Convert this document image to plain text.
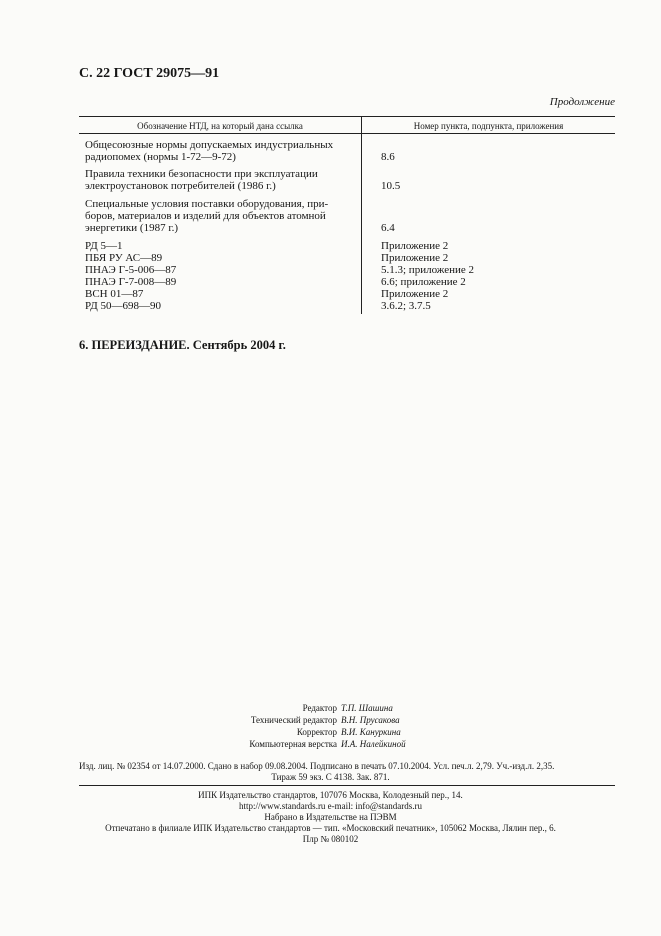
С. 22 ГОСТ 29075—91
Продолжение
Обозначение НТД, на который дана ссылка	Номер пункта, подпункта, приложения
Общесоюзные нормы допускаемых индустриальных
радиопомех (нормы 1-72—9-72)	8.6
Правила техники безопасности при эксплуатации
электроустановок потребителей (1986 г.)	10.5
Специальные условия поставки оборудования, при-
боров, материалов и изделий для объектов атомной
энергетики (1987 г.)	6.4
РД 5—1	Приложение 2
ПБЯ РУ АС—89	Приложение 2
ПНАЭ Г-5-006—87	5.1.3; приложение 2
ПНАЭ Г-7-008—89	6.6; приложение 2
ВСН 01—87	Приложение 2
РД 50—698—90	3.6.2; 3.7.5
6. ПЕРЕИЗДАНИЕ. Сентябрь 2004 г.
Редактор Т.П. Шашина
Технический редактор В.Н. Прусакова
Корректор В.И. Кануркина
Компьютерная верстка И.А. Налейкиной
Изд. лиц. № 02354 от 14.07.2000. Сдано в набор 09.08.2004. Подписано в печать 07.10.2004. Усл. печ.л. 2,79. Уч.-изд.л. 2,35.
Тираж 59 экз. С 4138. Зак. 871.
ИПК Издательство стандартов, 107076 Москва, Колодезный пер., 14.
http://www.standards.ru e-mail: info@standards.ru
Набрано в Издательстве на ПЭВМ
Отпечатано в филиале ИПК Издательство стандартов — тип. «Московский печатник», 105062 Москва, Лялин пер., 6.
Плр № 080102
